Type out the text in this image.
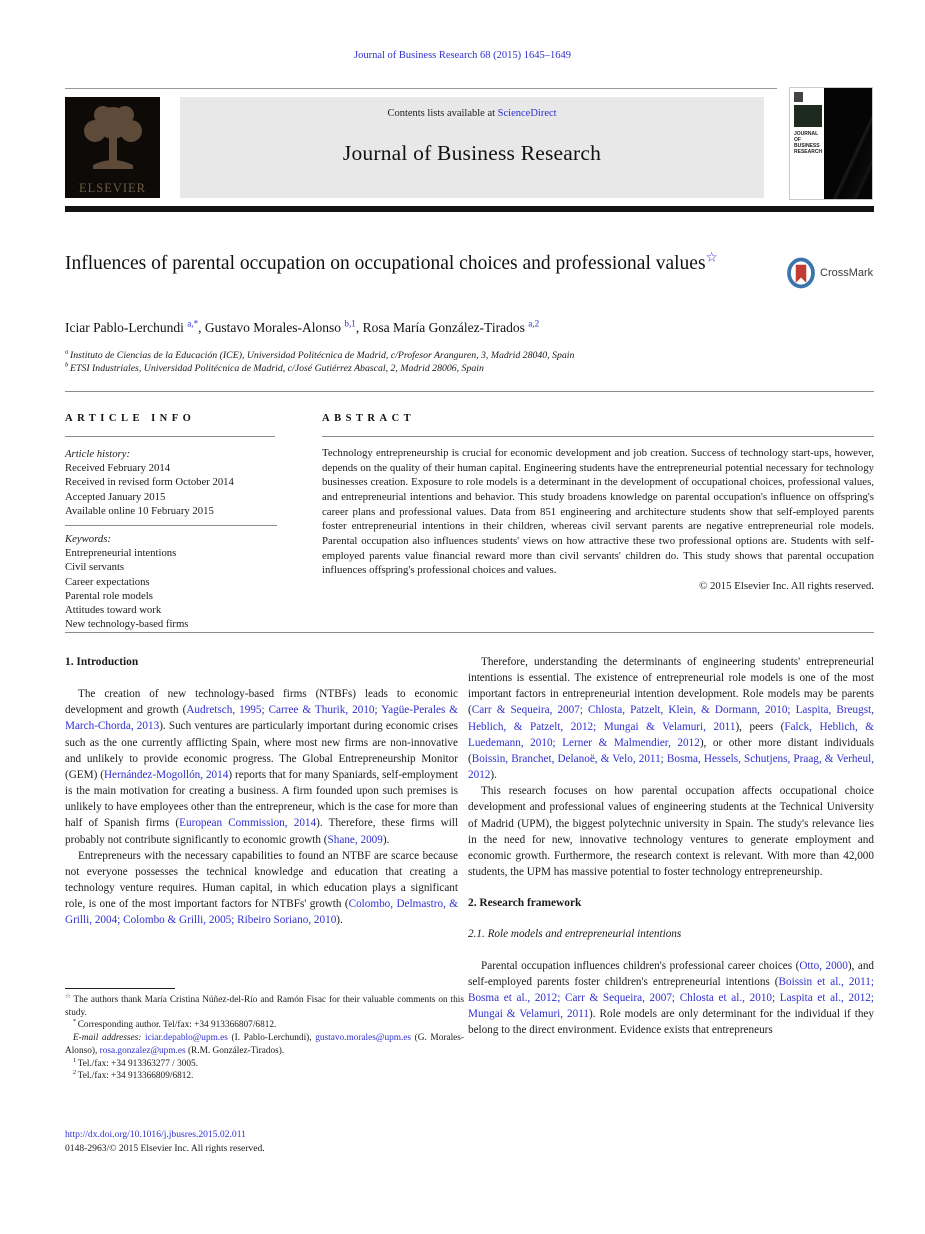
Journal of Business Research 68 (2015) 1645–1649
ELSEVIER
Contents lists available at ScienceDirect
Journal of Business Research
JOURNAL OF
BUSINESS
RESEARCH
Influences of parental occupation on occupational choices and professional values☆
CrossMark
Iciar Pablo-Lerchundi $^{a,*}$, Gustavo Morales-Alonso $^{b,1}$, Rosa María González-Tirados $^{a,2}$
$^a$ Instituto de Ciencias de la Educación (ICE), Universidad Politécnica de Madrid, c/Profesor Aranguren, 3, Madrid 28040, Spain
$^b$ ETSI Industriales, Universidad Politécnica de Madrid, c/José Gutiérrez Abascal, 2, Madrid 28006, Spain
ARTICLE INFO
Article history:
Received February 2014
Received in revised form October 2014
Accepted January 2015
Available online 10 February 2015
Keywords:
Entrepreneurial intentions
Civil servants
Career expectations
Parental role models
Attitudes toward work
New technology-based firms
ABSTRACT
Technology entrepreneurship is crucial for economic development and job creation. Success of technology start-ups, however, depends on the quality of their human capital. Engineering students have the entrepreneurial potential necessary for technology businesses creation. Exposure to role models is a determinant in the development of occupational choices, professional values, and entrepreneurial intentions and behavior. This study broadens knowledge on parental occupation's influence on offspring's career plans and professional values. Data from 851 engineering and architecture students show that self-employed parents foster entrepreneurial intentions in their children, whereas civil servant parents are negative entrepreneurial role models. Parental occupation also influences students' views on how attractive these two professional options are. Students with self-employed parents value financial reward more than civil servants' children do. This study shows that parental occupation influences offspring's professional choices and values.
© 2015 Elsevier Inc. All rights reserved.
1. Introduction

The creation of new technology-based firms (NTBFs) leads to economic development and growth (Audretsch, 1995; Carree & Thurik, 2010; Yagüe-Perales & March-Chorda, 2013). Such ventures are particularly important during economic crises such as the one currently afflicting Spain, where most new firms are non-innovative and unlikely to provide economic progress. The Global Entrepreneurship Monitor (GEM) (Hernández-Mogollón, 2014) reports that for many Spaniards, self-employment is the main motivation for creating a business. A firm founded upon such premises is unlikely to have employees other than the entrepreneur, which is the case for more than half of Spanish firms (European Commission, 2014). Therefore, these firms will probably not contribute significantly to economic growth (Shane, 2009).

Entrepreneurs with the necessary capabilities to found an NTBF are scarce because not everyone possesses the technical knowledge and education that creating a technology venture requires. Human capital, in which education plays a significant role, is one of the most important factors for NTBFs' growth (Colombo, Delmastro, & Grilli, 2004; Colombo & Grilli, 2005; Ribeiro Soriano, 2010).

Therefore, understanding the determinants of engineering students' entrepreneurial intentions is essential. The existence of entrepreneurial role models is one of the most important factors in entrepreneurial intention development. Role models may be parents (Carr & Sequeira, 2007; Chlosta, Patzelt, Klein, & Dormann, 2010; Laspita, Breugst, Heblich, & Patzelt, 2012; Mungai & Velamuri, 2011), peers (Falck, Heblich, & Luedemann, 2010; Lerner & Malmendier, 2012), or other more distant individuals (Boissin, Branchet, Delanoë, & Velo, 2011; Bosma, Hessels, Schutjens, Praag, & Verheul, 2012).

This research focuses on how parental occupation affects occupational choice development and professional values of engineering students at the Technical University of Madrid (UPM), the biggest polytechnic university in Spain. The study's relevance lies in the need for new, innovative technology ventures to generate employment and economic growth. Furthermore, the research context is relevant. With more than 42,000 students, the UPM has massive potential to foster technology entrepreneurship.

2. Research framework
2.1. Role models and entrepreneurial intentions

Parental occupation influences children's professional career choices (Otto, 2000), and self-employed parents foster children's entrepreneurial intentions (Boissin et al., 2011; Bosma et al., 2012; Carr & Sequeira, 2007; Chlosta et al., 2010; Laspita et al., 2012; Mungai & Velamuri, 2011). Role models are only determinant for the individual if they belong to the direct environment. Evidence exists that entrepreneurs

☆ The authors thank María Cristina Núñez-del-Río and Ramón Fisac for their valuable comments on this study.

* Corresponding author. Tel/fax: +34 913366807/6812.

E-mail addresses: iciar.depablo@upm.es (I. Pablo-Lerchundi), gustavo.morales@upm.es (G. Morales-Alonso), rosa.gonzalez@upm.es (R.M. González-Tirados).

$^1$ Tel./fax: +34 913363277 / 3005.

$^2$ Tel./fax: +34 913366809/6812.

http://dx.doi.org/10.1016/j.jbusres.2015.02.011
0148-2963/© 2015 Elsevier Inc. All rights reserved.
